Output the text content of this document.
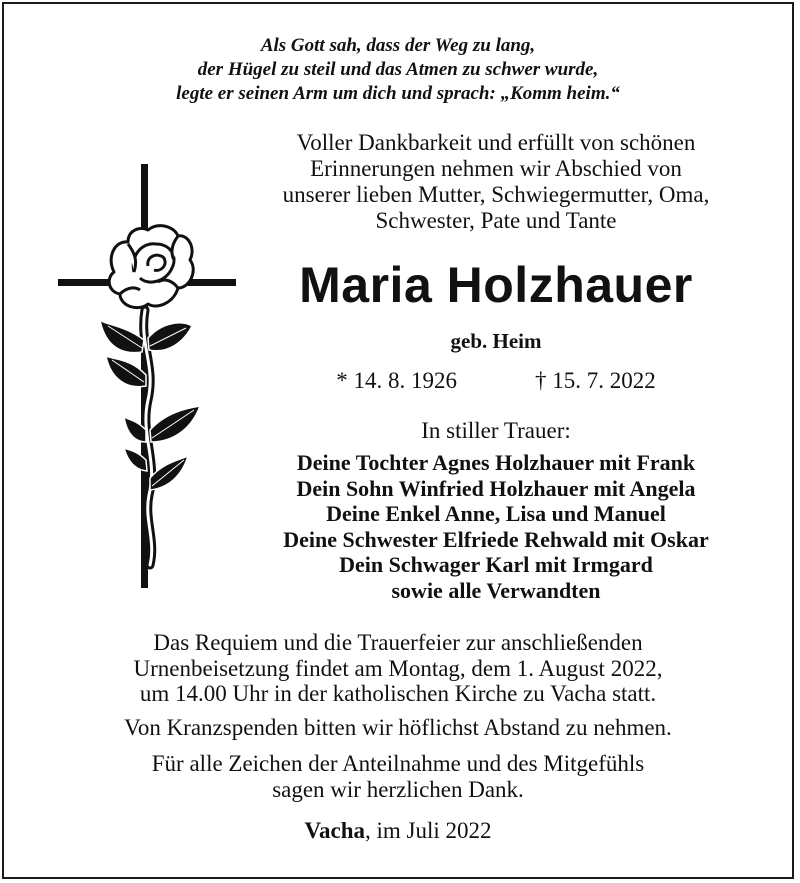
Als Gott sah, dass der Weg zu lang,
der Hügel zu steil und das Atmen zu schwer wurde,
legte er seinen Arm um dich und sprach: „Komm heim.“
Voller Dankbarkeit und erfüllt von schönen
Erinnerungen nehmen wir Abschied von
unserer lieben Mutter, Schwiegermutter, Oma,
Schwester, Pate und Tante
Maria Holzhauer
geb. Heim
* 14. 8. 1926	† 15. 7. 2022
In stiller Trauer:
Deine Tochter Agnes Holzhauer mit Frank
Dein Sohn Winfried Holzhauer mit Angela
Deine Enkel Anne, Lisa und Manuel
Deine Schwester Elfriede Rehwald mit Oskar
Dein Schwager Karl mit Irmgard
sowie alle Verwandten
Das Requiem und die Trauerfeier zur anschließenden
Urnenbeisetzung findet am Montag, dem 1. August 2022,
um 14.00 Uhr in der katholischen Kirche zu Vacha statt.
Von Kranzspenden bitten wir höflichst Abstand zu nehmen.
Für alle Zeichen der Anteilnahme und des Mitgefühls
sagen wir herzlichen Dank.
Vacha, im Juli 2022
